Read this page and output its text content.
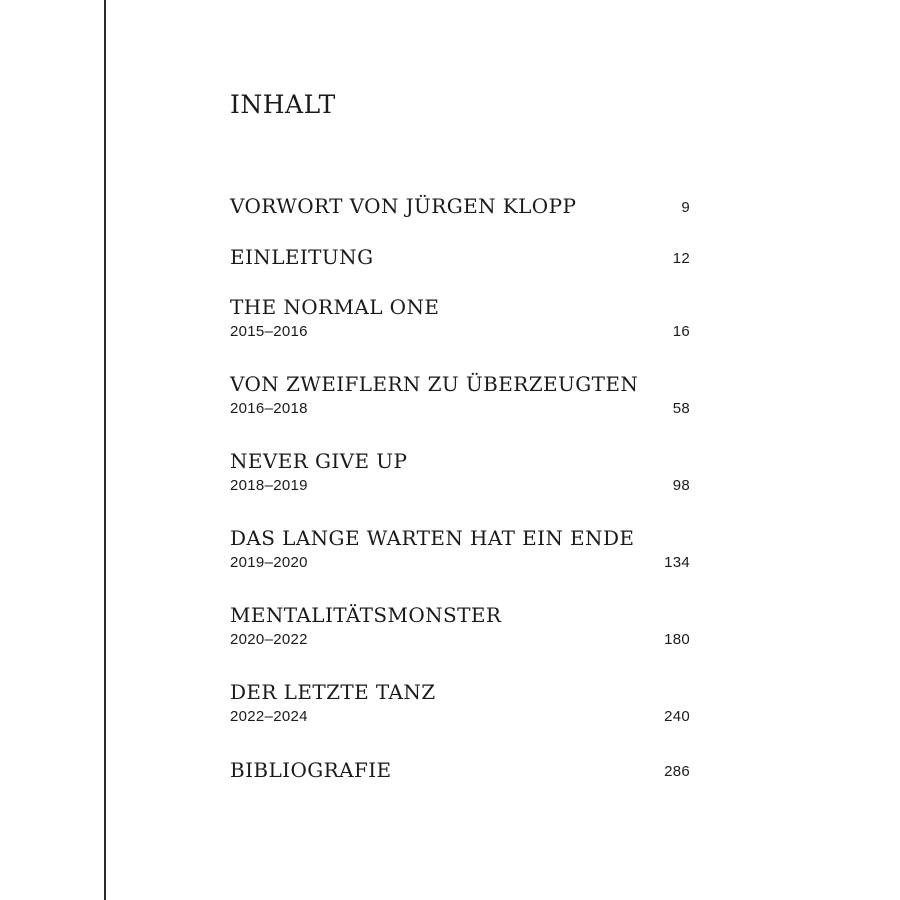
INHALT
VORWORT VON JÜRGEN KLOPP	9
EINLEITUNG	12
THE NORMAL ONE
2015–2016	16
VON ZWEIFLERN ZU ÜBERZEUGTEN
2016–2018	58
NEVER GIVE UP
2018–2019	98
DAS LANGE WARTEN HAT EIN ENDE
2019–2020	134
MENTALITÄTSMONSTER
2020–2022	180
DER LETZTE TANZ
2022–2024	240
BIBLIOGRAFIE	286
